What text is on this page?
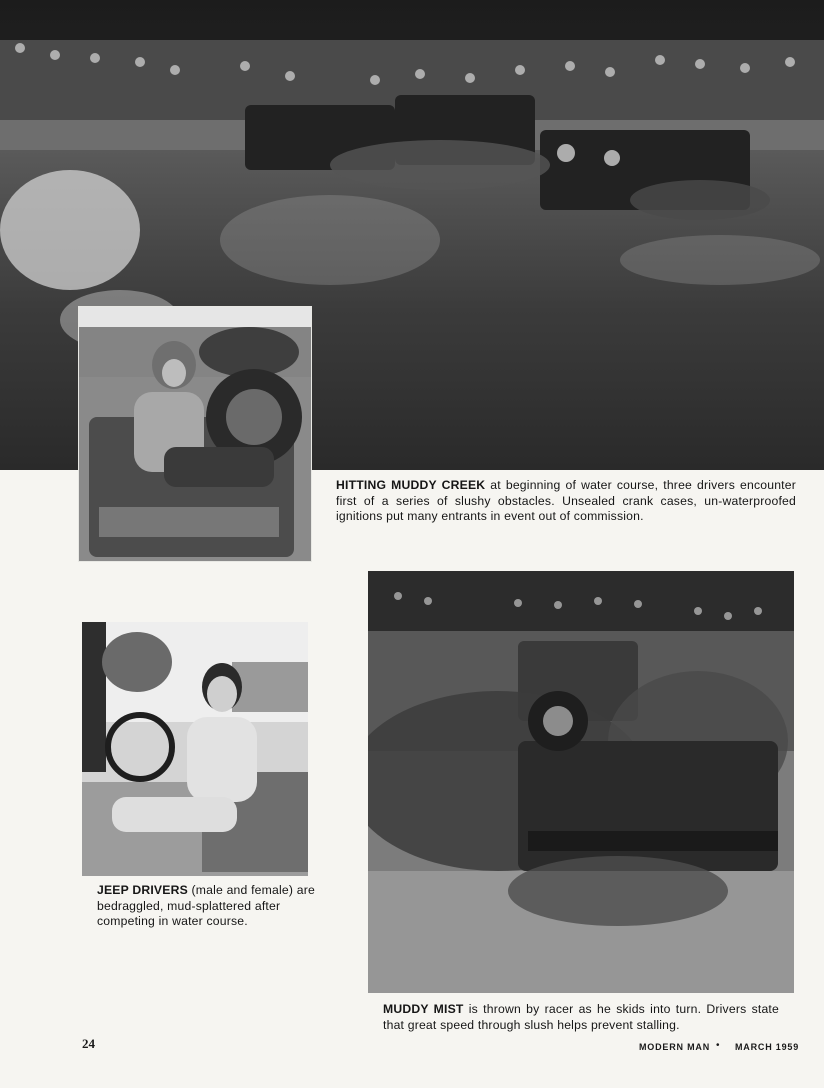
HITTING MUDDY CREEK at beginning of water course, three drivers encounter first of a series of slushy obstacles. Unsealed crank cases, un-waterproofed ignitions put many entrants in event out of commission.

JEEP DRIVERS (male and female) are bedraggled, mud-splattered after competing in water course.

MUDDY MIST is thrown by racer as he skids into turn. Drivers state that great speed through slush helps prevent stalling.

24	MODERN MAN • MARCH 1959
